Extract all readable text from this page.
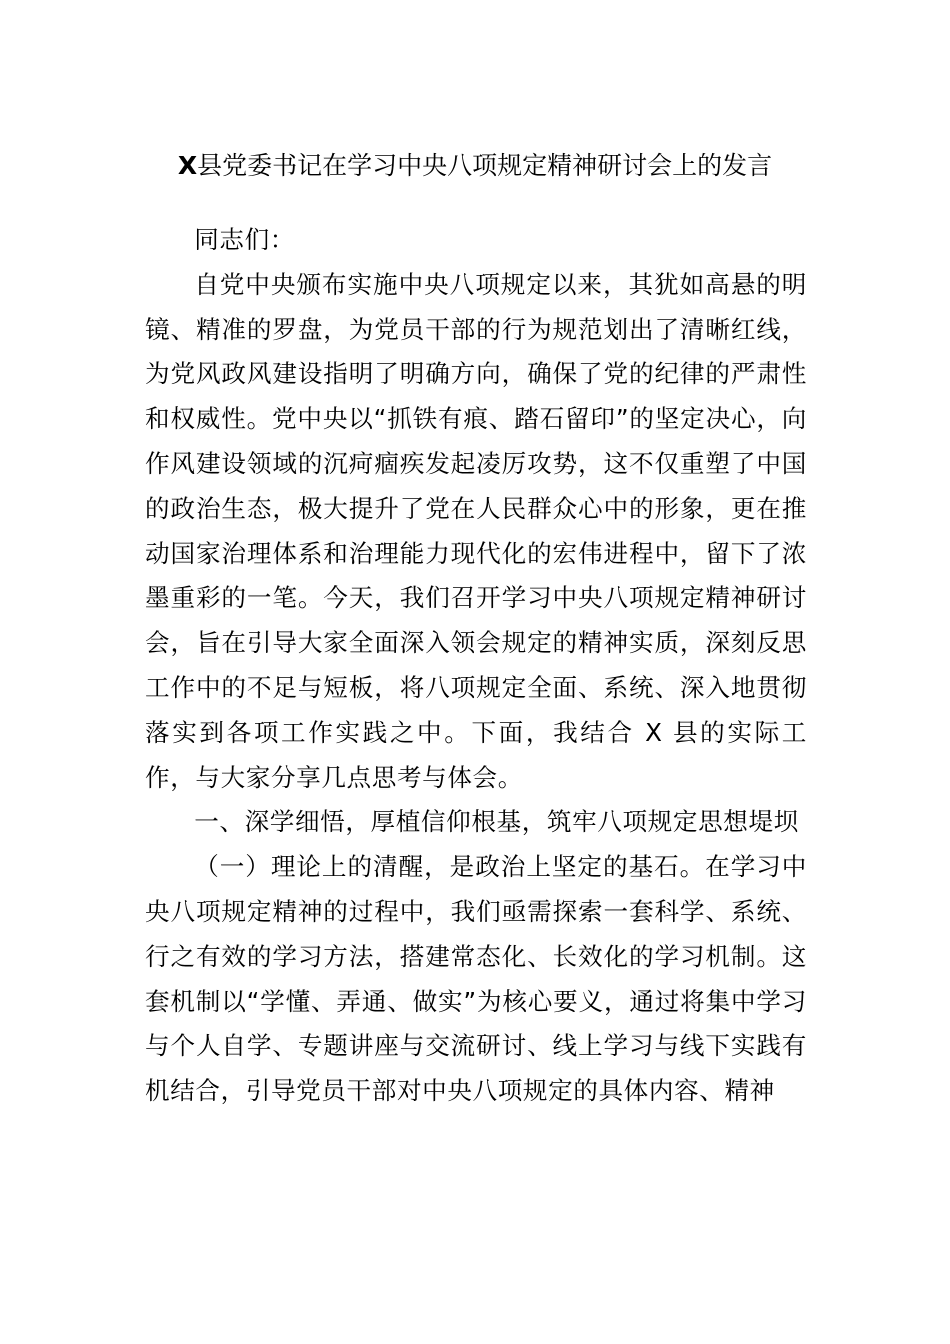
X县党委书记在学习中央八项规定精神研讨会上的发言

同志们：

自党中央颁布实施中央八项规定以来，其犹如高悬的明镜、精准的罗盘，为党员干部的行为规范划出了清晰红线，为党风政风建设指明了明确方向，确保了党的纪律的严肃性和权威性。党中央以“抓铁有痕、踏石留印”的坚定决心，向作风建设领域的沉疴痼疾发起凌厉攻势，这不仅重塑了中国的政治生态，极大提升了党在人民群众心中的形象，更在推动国家治理体系和治理能力现代化的宏伟进程中，留下了浓墨重彩的一笔。今天，我们召开学习中央八项规定精神研讨会，旨在引导大家全面深入领会规定的精神实质，深刻反思工作中的不足与短板，将八项规定全面、系统、深入地贯彻落实到各项工作实践之中。下面，我结合 X 县的实际工作，与大家分享几点思考与体会。

一、深学细悟，厚植信仰根基，筑牢八项规定思想堤坝

（一）理论上的清醒，是政治上坚定的基石。在学习中央八项规定精神的过程中，我们亟需探索一套科学、系统、行之有效的学习方法，搭建常态化、长效化的学习机制。这套机制以“学懂、弄通、做实”为核心要义，通过将集中学习与个人自学、专题讲座与交流研讨、线上学习与线下实践有机结合，引导党员干部对中央八项规定的具体内容、精神
